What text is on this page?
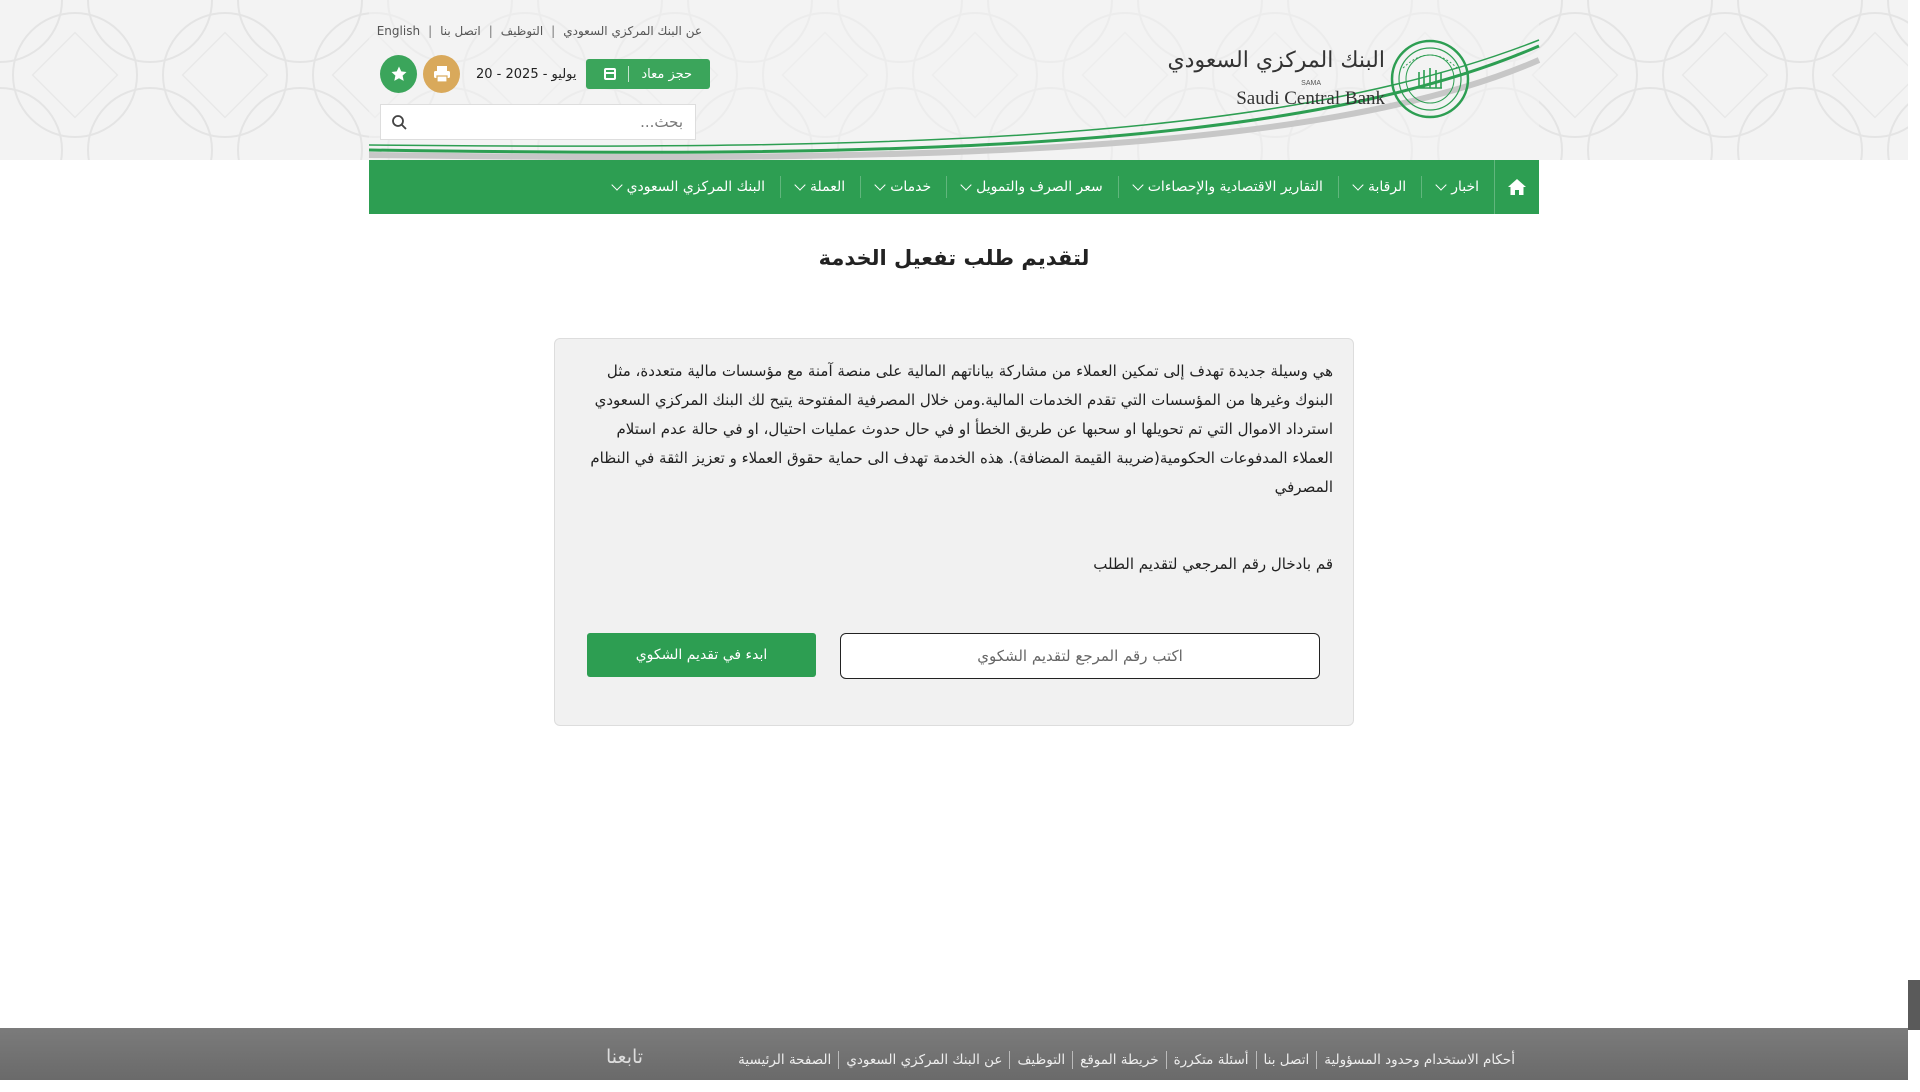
عن البنك المركزي السعودي
|
التوظيف
|
اتصل بنا
|
English
حجز معاد
20 - يوليو - 2025
بحث...
البنك المركزي السعودي
SAMA
Saudi Central Bank
اخبار
الرقابة
التقارير الاقتصادية والإحصاءات
سعر الصرف والتمويل
خدمات
العملة
البنك المركزي السعودي
لتقديم طلب تفعيل الخدمة

هي وسيلة جديدة تهدف إلى تمكين العملاء من مشاركة بياناتهم المالية على منصة آمنة مع مؤسسات مالية متعددة، مثل البنوك وغيرها من المؤسسات التي تقدم الخدمات المالية.ومن خلال المصرفية المفتوحة يتيح لك البنك المركزي السعودي استرداد الاموال التي تم تحويلها او سحبها عن طريق الخطأ او في حال حدوث عمليات احتيال، او في حالة عدم استلام العملاء المدفوعات الحكومية(ضريبة القيمة المضافة). هذه الخدمة تهدف الى حماية حقوق العملاء و تعزيز الثقة في النظام المصرفي

قم بادخال رقم المرجعي لتقديم الطلب

اكتب رقم المرجع لتقديم الشكوي
ابدء في تقديم الشكوي
الصفحة الرئيسية	عن البنك المركزي السعودي	التوظيف	خريطة الموقع	أسئلة متكررة	اتصل بنا	أحكام الاستخدام وحدود المسؤولية
تابعنا
